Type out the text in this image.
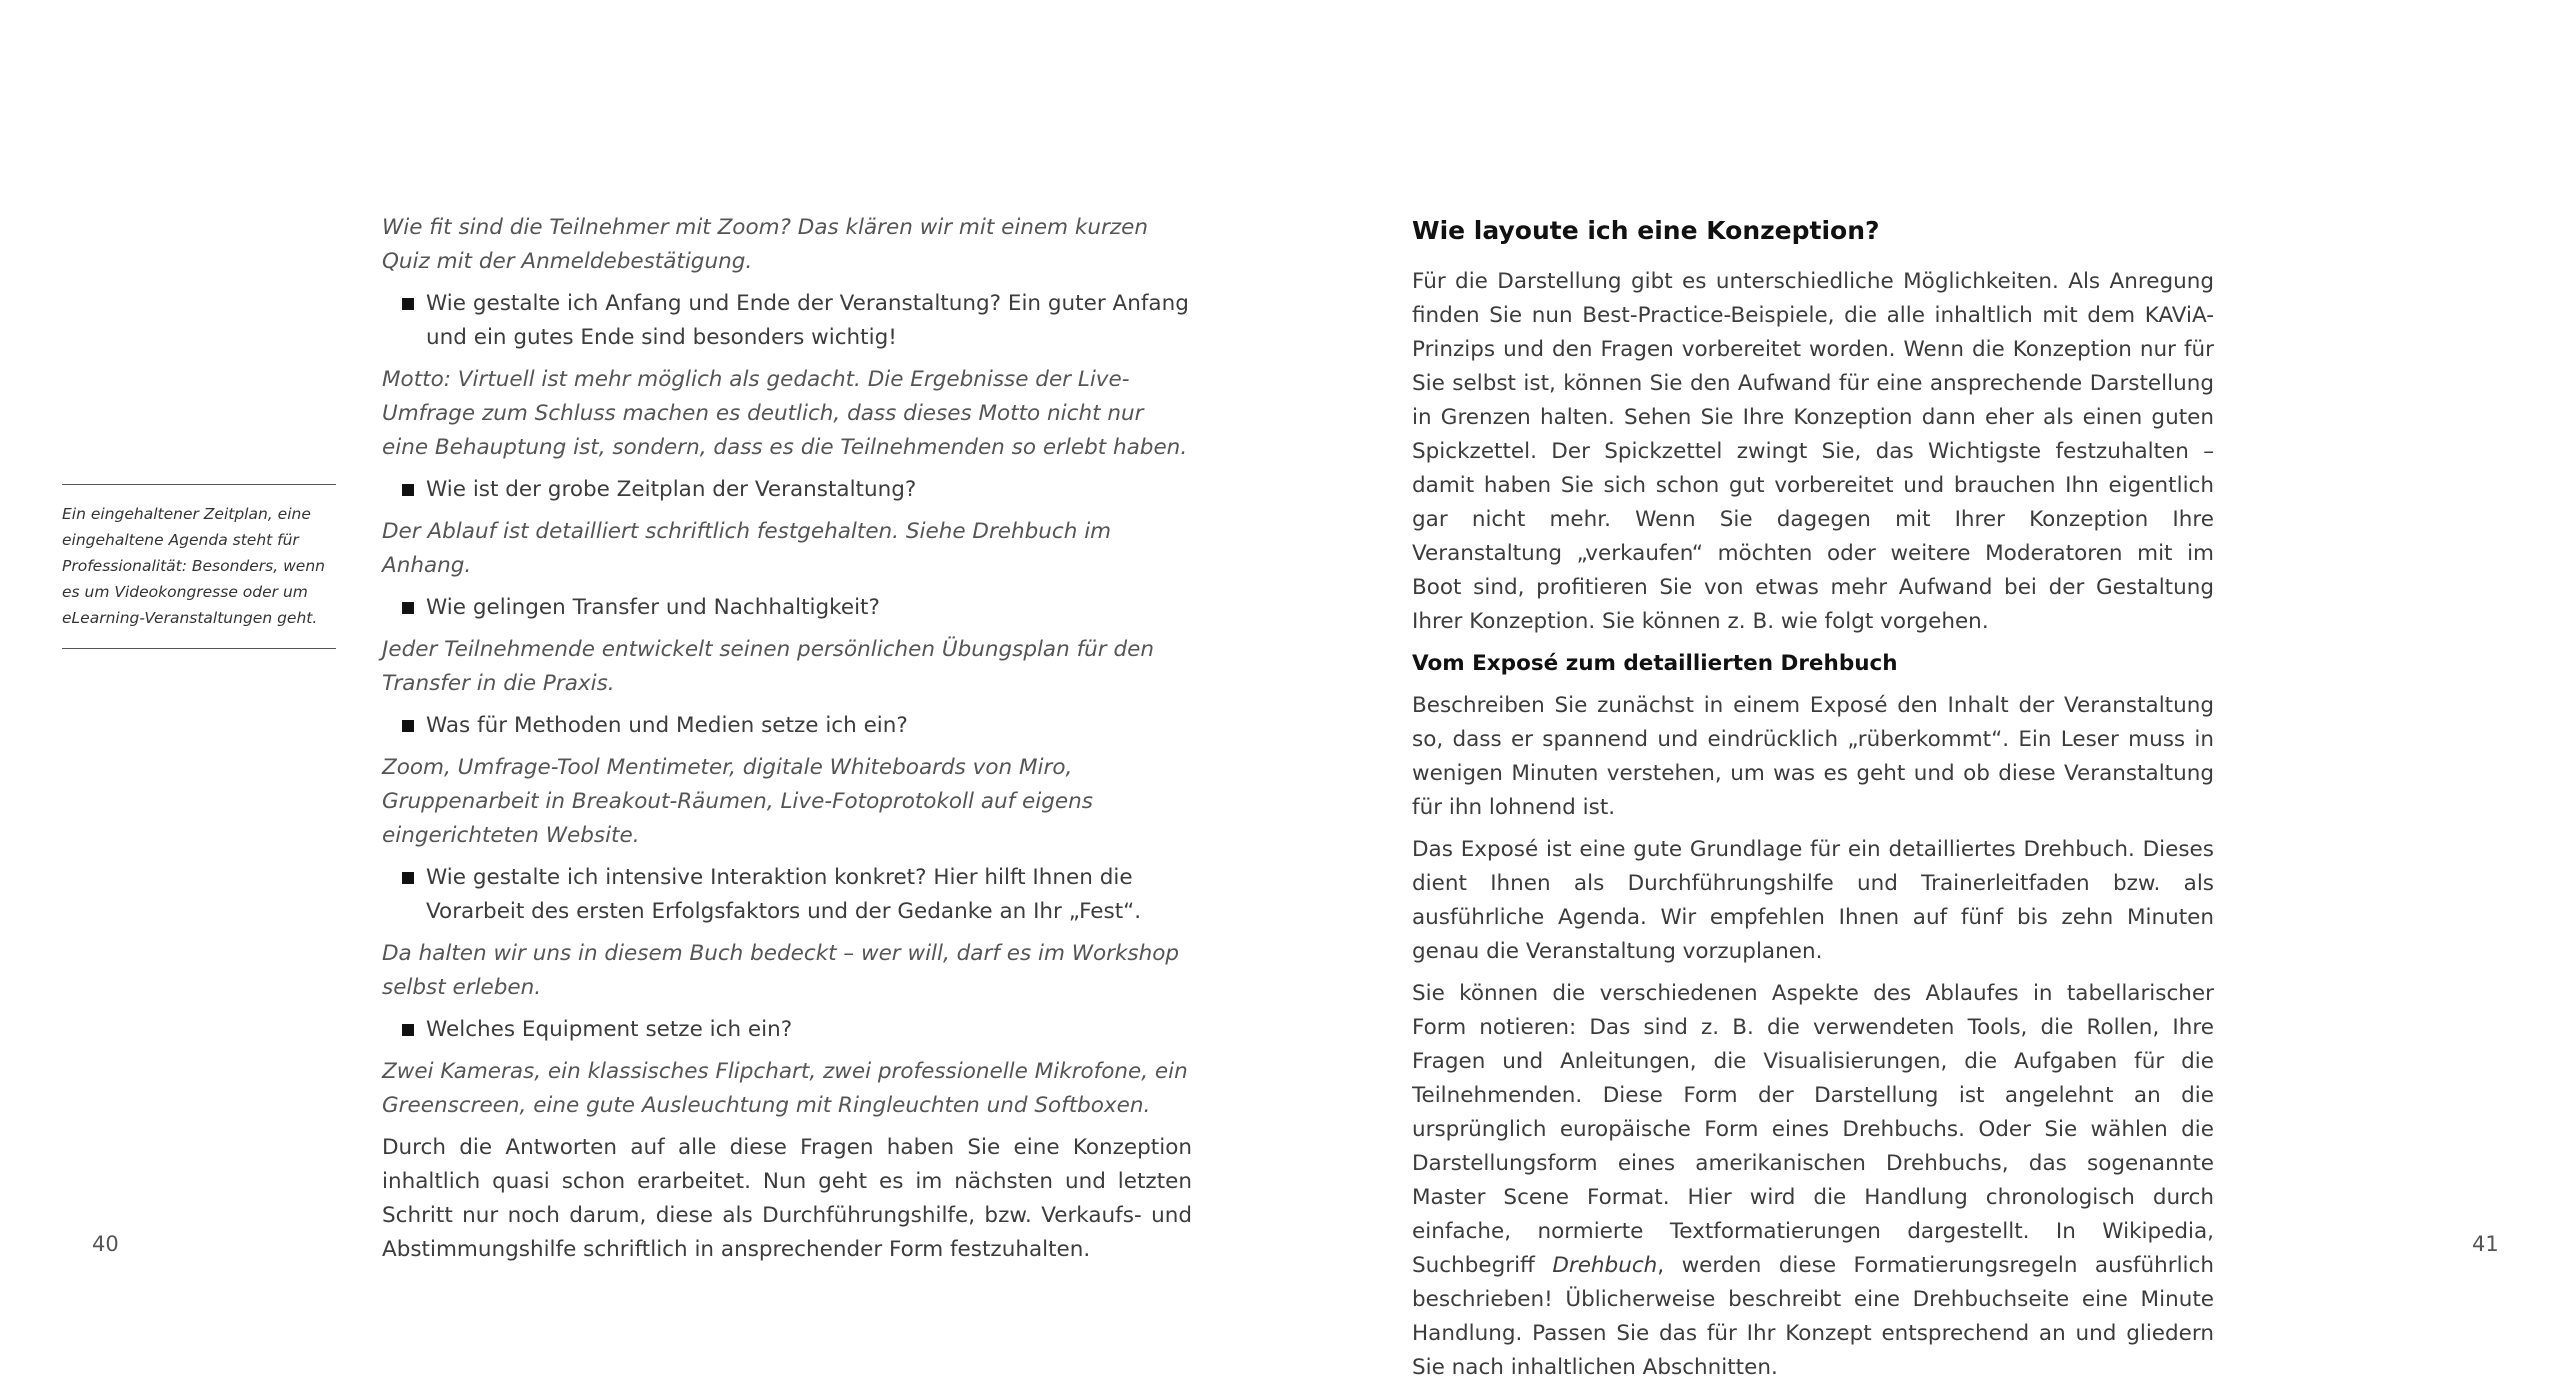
Ein eingehaltener Zeitplan, eine eingehaltene Agenda steht für Professionalität: Besonders, wenn es um Videokongresse oder um eLearning-Veranstaltungen geht.

Wie fit sind die Teilnehmer mit Zoom? Das klären wir mit einem kurzen Quiz mit der Anmeldebestätigung.

Wie gestalte ich Anfang und Ende der Veranstaltung? Ein guter Anfang und ein gutes Ende sind besonders wichtig!

Motto: Virtuell ist mehr möglich als gedacht. Die Ergebnisse der Live-Umfrage zum Schluss machen es deutlich, dass dieses Motto nicht nur eine Behauptung ist, sondern, dass es die Teilnehmenden so erlebt haben.

Wie ist der grobe Zeitplan der Veranstaltung?

Der Ablauf ist detailliert schriftlich festgehalten. Siehe Drehbuch im Anhang.

Wie gelingen Transfer und Nachhaltigkeit?

Jeder Teilnehmende entwickelt seinen persönlichen Übungsplan für den Transfer in die Praxis.

Was für Methoden und Medien setze ich ein?

Zoom, Umfrage-Tool Mentimeter, digitale Whiteboards von Miro, Gruppenarbeit in Breakout-Räumen, Live-Fotoprotokoll auf eigens eingerichteten Website.

Wie gestalte ich intensive Interaktion konkret? Hier hilft Ihnen die Vorarbeit des ersten Erfolgsfaktors und der Gedanke an Ihr „Fest“.

Da halten wir uns in diesem Buch bedeckt – wer will, darf es im Workshop selbst erleben.

Welches Equipment setze ich ein?

Zwei Kameras, ein klassisches Flipchart, zwei professionelle Mikrofone, ein Greenscreen, eine gute Ausleuchtung mit Ringleuchten und Softboxen.

Durch die Antworten auf alle diese Fragen haben Sie eine Konzeption inhaltlich quasi schon erarbeitet. Nun geht es im nächsten und letzten Schritt nur noch darum, diese als Durchführungshilfe, bzw. Verkaufs- und Abstimmungshilfe schriftlich in ansprechender Form festzuhalten.

Wie layoute ich eine Konzeption?

Für die Darstellung gibt es unterschiedliche Möglichkeiten. Als Anregung finden Sie nun Best-Practice-Beispiele, die alle inhaltlich mit dem KAViA-Prinzips und den Fragen vorbereitet worden. Wenn die Konzeption nur für Sie selbst ist, können Sie den Aufwand für eine ansprechende Darstellung in Grenzen halten. Sehen Sie Ihre Konzeption dann eher als einen guten Spickzettel. Der Spickzettel zwingt Sie, das Wichtigste festzuhalten – damit haben Sie sich schon gut vorbereitet und brauchen Ihn eigentlich gar nicht mehr. Wenn Sie dagegen mit Ihrer Konzeption Ihre Veranstaltung „verkaufen“ möchten oder weitere Moderatoren mit im Boot sind, profitieren Sie von etwas mehr Aufwand bei der Gestaltung Ihrer Konzeption. Sie können z. B. wie folgt vorgehen.

Vom Exposé zum detaillierten Drehbuch

Beschreiben Sie zunächst in einem Exposé den Inhalt der Veranstaltung so, dass er spannend und eindrücklich „rüberkommt“. Ein Leser muss in wenigen Minuten verstehen, um was es geht und ob diese Veranstaltung für ihn lohnend ist.

Das Exposé ist eine gute Grundlage für ein detailliertes Drehbuch. Dieses dient Ihnen als Durchführungshilfe und Trainerleitfaden bzw. als ausführliche Agenda. Wir empfehlen Ihnen auf fünf bis zehn Minuten genau die Veranstaltung vorzuplanen.

Sie können die verschiedenen Aspekte des Ablaufes in tabellarischer Form notieren: Das sind z. B. die verwendeten Tools, die Rollen, Ihre Fragen und Anleitungen, die Visualisierungen, die Aufgaben für die Teilnehmenden. Diese Form der Darstellung ist angelehnt an die ursprünglich europäische Form eines Drehbuchs. Oder Sie wählen die Darstellungsform eines amerikanischen Drehbuchs, das sogenannte Master Scene Format. Hier wird die Handlung chronologisch durch einfache, normierte Textformatierungen dargestellt. In Wikipedia, Suchbegriff Drehbuch, werden diese Formatierungsregeln ausführlich beschrieben! Üblicherweise beschreibt eine Drehbuchseite eine Minute Handlung. Passen Sie das für Ihr Konzept entsprechend an und gliedern Sie nach inhaltlichen Abschnitten.

40	41
